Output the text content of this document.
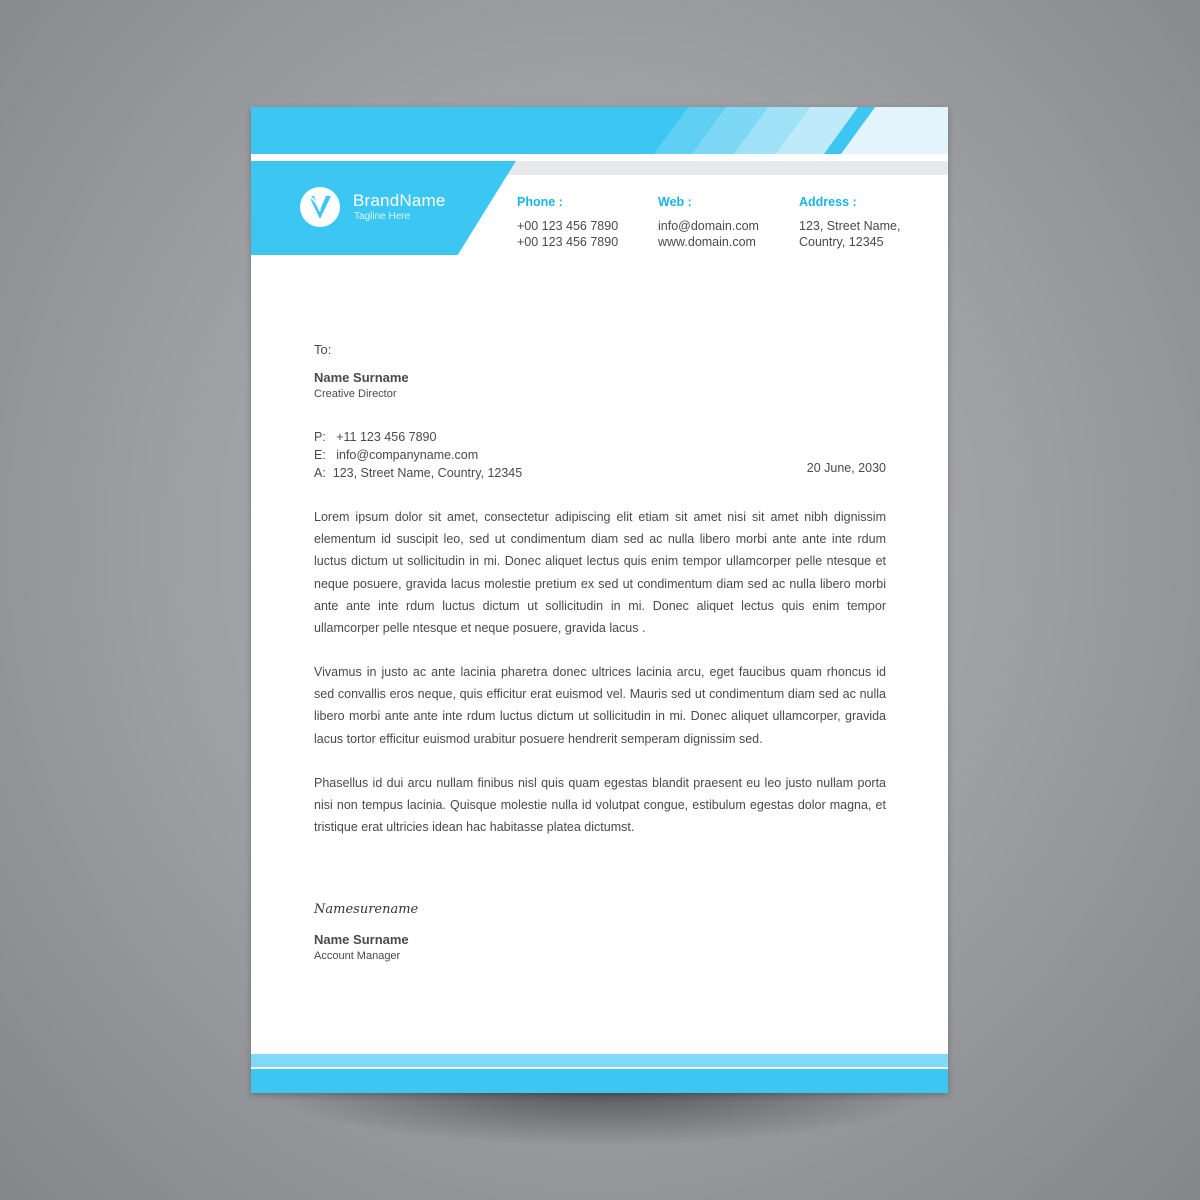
BrandName
Tagline Here
Phone :
+00 123 456 7890
+00 123 456 7890
Web :
info@domain.com
www.domain.com
Address :
123, Street Name,
Country, 12345
To:
Name Surname
Creative Director
P:   +11 123 456 7890
E:   info@companyname.com
A:  123, Street Name, Country, 12345	20 June, 2030
Lorem ipsum dolor sit amet, consectetur adipiscing elit etiam sit amet nisi sit amet nibh dignissim elementum id suscipit leo, sed ut condimentum diam sed ac nulla libero morbi ante ante inte rdum luctus dictum ut sollicitudin in mi. Donec aliquet lectus quis enim tempor ullamcorper pelle ntesque et neque posuere, gravida lacus molestie pretium ex sed ut condimentum diam sed ac nulla libero morbi ante ante inte rdum luctus dictum ut sollicitudin in mi. Donec aliquet lectus quis enim tempor ullamcorper pelle ntesque et neque posuere, gravida lacus .
Vivamus in justo ac ante lacinia pharetra donec ultrices lacinia arcu, eget faucibus quam rhoncus id sed convallis eros neque, quis efficitur erat euismod vel. Mauris sed ut condimentum diam sed ac nulla libero morbi ante ante inte rdum luctus dictum ut sollicitudin in mi. Donec aliquet ullamcorper, gravida lacus tortor efficitur euismod urabitur posuere hendrerit semperam dignissim sed.
Phasellus id dui arcu nullam finibus nisl quis quam egestas blandit praesent eu leo justo nullam porta nisi non tempus lacinia. Quisque molestie nulla id volutpat congue, estibulum egestas dolor magna, et tristique erat ultricies idean hac habitasse platea dictumst.
Namesurename
Name Surname
Account Manager
